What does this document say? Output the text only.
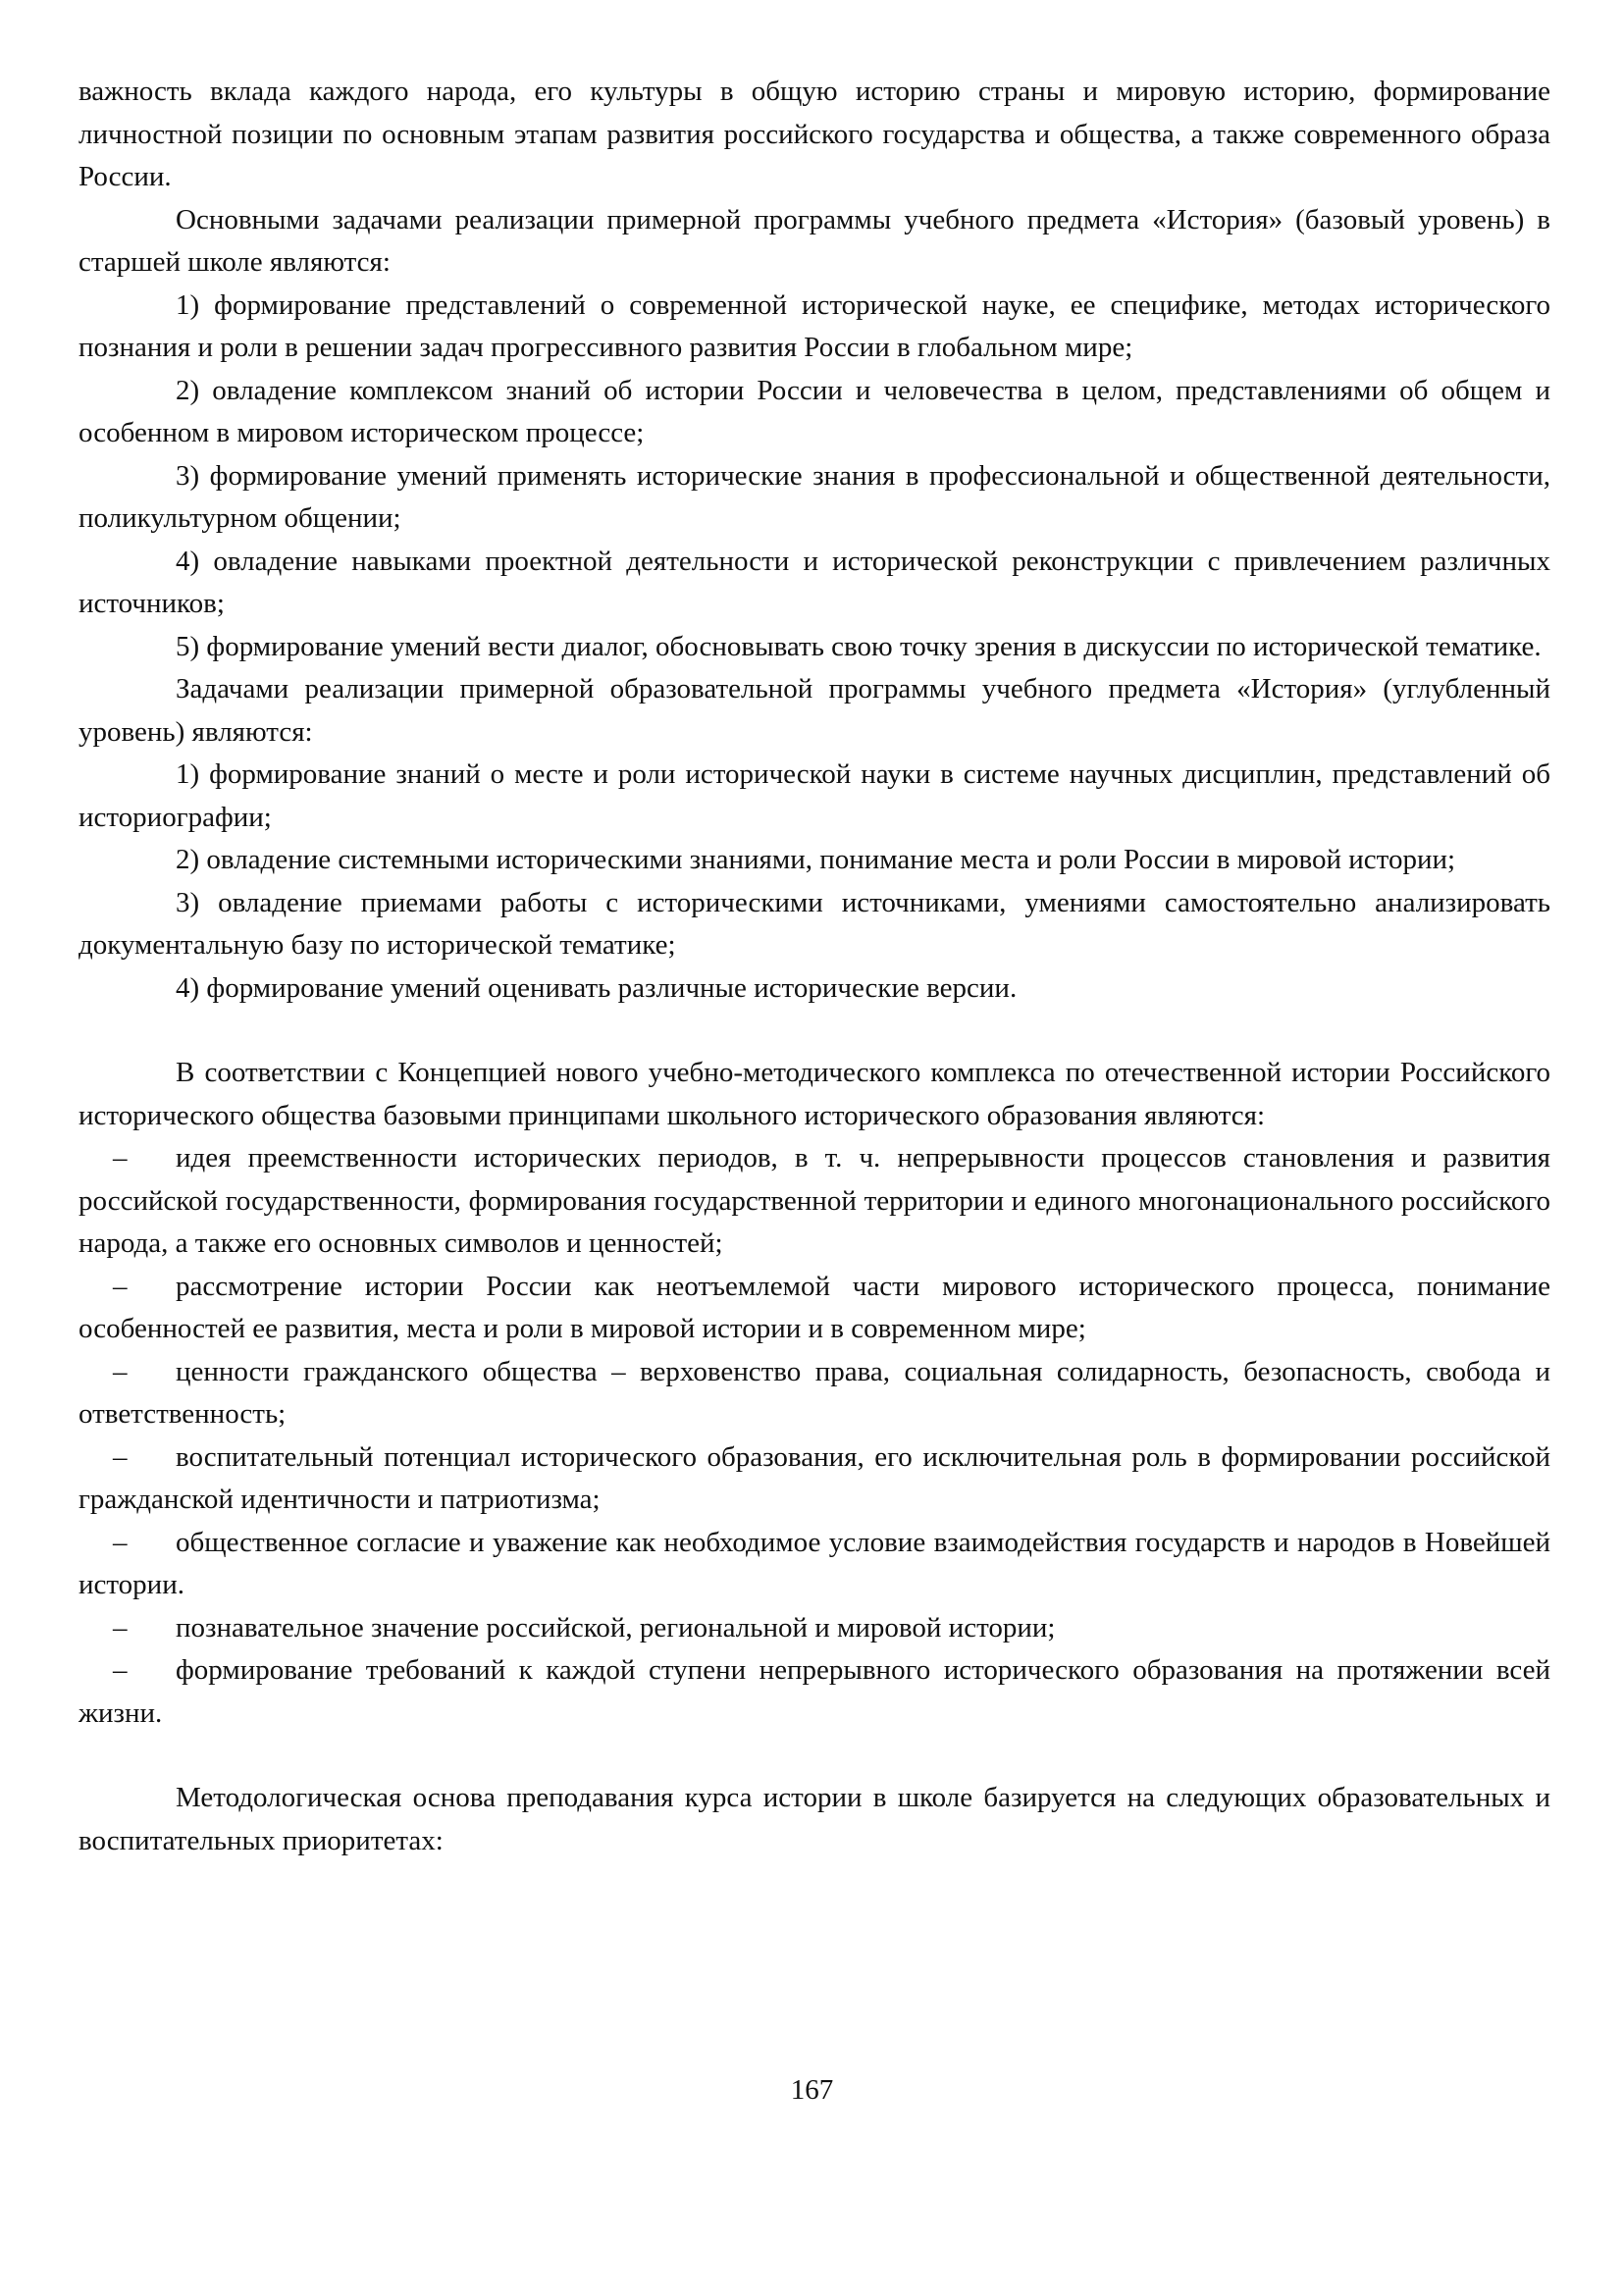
важность вклада каждого народа, его культуры в общую историю страны и мировую историю, формирование личностной позиции по основным этапам развития российского государства и общества, а также современного образа России.

Основными задачами реализации примерной программы учебного предмета «История» (базовый уровень) в старшей школе являются:

1) формирование представлений о современной исторической науке, ее специфике, методах исторического познания и роли в решении задач прогрессивного развития России в глобальном мире;

2) овладение комплексом знаний об истории России и человечества в целом, представлениями об общем и особенном в мировом историческом процессе;

3) формирование умений применять исторические знания в профессиональной и общественной деятельности, поликультурном общении;

4) овладение навыками проектной деятельности и исторической реконструкции с привлечением различных источников;

5) формирование умений вести диалог, обосновывать свою точку зрения в дискуссии по исторической тематике.

Задачами реализации примерной образовательной программы учебного предмета «История» (углубленный уровень) являются:

1) формирование знаний о месте и роли исторической науки в системе научных дисциплин, представлений об историографии;

2) овладение системными историческими знаниями, понимание места и роли России в мировой истории;

3) овладение приемами работы с историческими источниками, умениями самостоятельно анализировать документальную базу по исторической тематике;

4) формирование умений оценивать различные исторические версии.

В соответствии с Концепцией нового учебно-методического комплекса по отечественной истории Российского исторического общества базовыми принципами школьного исторического образования являются:

– идея преемственности исторических периодов, в т. ч. непрерывности процессов становления и развития российской государственности, формирования государственной территории и единого многонационального российского народа, а также его основных символов и ценностей;

– рассмотрение истории России как неотъемлемой части мирового исторического процесса, понимание особенностей ее развития, места и роли в мировой истории и в современном мире;

– ценности гражданского общества – верховенство права, социальная солидарность, безопасность, свобода и ответственность;

– воспитательный потенциал исторического образования, его исключительная роль в формировании российской гражданской идентичности и патриотизма;

– общественное согласие и уважение как необходимое условие взаимодействия государств и народов в Новейшей истории.

– познавательное значение российской, региональной и мировой истории;

– формирование требований к каждой ступени непрерывного исторического образования на протяжении всей жизни.

Методологическая основа преподавания курса истории в школе базируется на следующих образовательных и воспитательных приоритетах:

167
